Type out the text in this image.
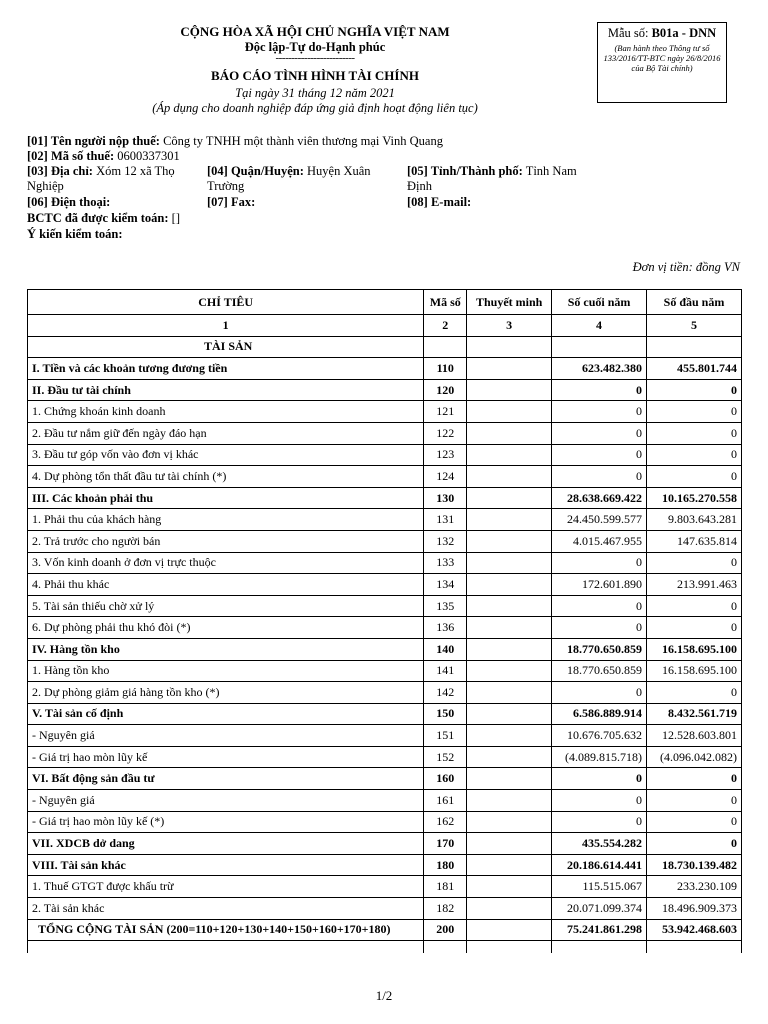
CỘNG HÒA XÃ HỘI CHỦ NGHĨA VIỆT NAM
Độc lập-Tự do-Hạnh phúc
-------------------------
BÁO CÁO TÌNH HÌNH TÀI CHÍNH
Tại ngày 31 tháng 12 năm 2021
(Áp dụng cho doanh nghiệp đáp ứng giả định hoạt động liên tục)
Mẫu số: B01a - DNN
(Ban hành theo Thông tư số 133/2016/TT-BTC ngày 26/8/2016 của Bộ Tài chính)
[01] Tên người nộp thuế: Công ty TNHH một thành viên thương mại Vinh Quang
[02] Mã số thuế: 0600337301
[03] Địa chỉ: Xóm 12 xã Thọ Nghiệp
[04] Quận/Huyện: Huyện Xuân Trường
[05] Tỉnh/Thành phố: Tỉnh Nam Định
[06] Điện thoại:	[07] Fax:	[08] E-mail:
BCTC đã được kiểm toán: []
Ý kiến kiểm toán:
Đơn vị tiền: đồng VN
CHỈ TIÊU	Mã số	Thuyết minh	Số cuối năm	Số đầu năm
1	2	3	4	5
TÀI SẢN				
I. Tiền và các khoản tương đương tiền	110		623.482.380	455.801.744
II. Đầu tư tài chính	120		0	0
1. Chứng khoán kinh doanh	121		0	0
2. Đầu tư nắm giữ đến ngày đáo hạn	122		0	0
3. Đầu tư góp vốn vào đơn vị khác	123		0	0
4. Dự phòng tổn thất đầu tư tài chính (*)	124		0	0
III. Các khoản phải thu	130		28.638.669.422	10.165.270.558
1. Phải thu của khách hàng	131		24.450.599.577	9.803.643.281
2. Trả trước cho người bán	132		4.015.467.955	147.635.814
3. Vốn kinh doanh ở đơn vị trực thuộc	133		0	0
4. Phải thu khác	134		172.601.890	213.991.463
5. Tài sản thiếu chờ xử lý	135		0	0
6. Dự phòng phải thu khó đòi (*)	136		0	0
IV. Hàng tồn kho	140		18.770.650.859	16.158.695.100
1. Hàng tồn kho	141		18.770.650.859	16.158.695.100
2. Dự phòng giảm giá hàng tồn kho (*)	142		0	0
V. Tài sản cố định	150		6.586.889.914	8.432.561.719
- Nguyên giá	151		10.676.705.632	12.528.603.801
- Giá trị hao mòn lũy kế	152		(4.089.815.718)	(4.096.042.082)
VI. Bất động sản đầu tư	160		0	0
- Nguyên giá	161		0	0
- Giá trị hao mòn lũy kế (*)	162		0	0
VII. XDCB dở dang	170		435.554.282	0
VIII. Tài sản khác	180		20.186.614.441	18.730.139.482
1. Thuế GTGT được khấu trừ	181		115.515.067	233.230.109
2. Tài sản khác	182		20.071.099.374	18.496.909.373
TỔNG CỘNG TÀI SẢN (200=110+120+130+140+150+160+170+180)	200		75.241.861.298	53.942.468.603

1/2
